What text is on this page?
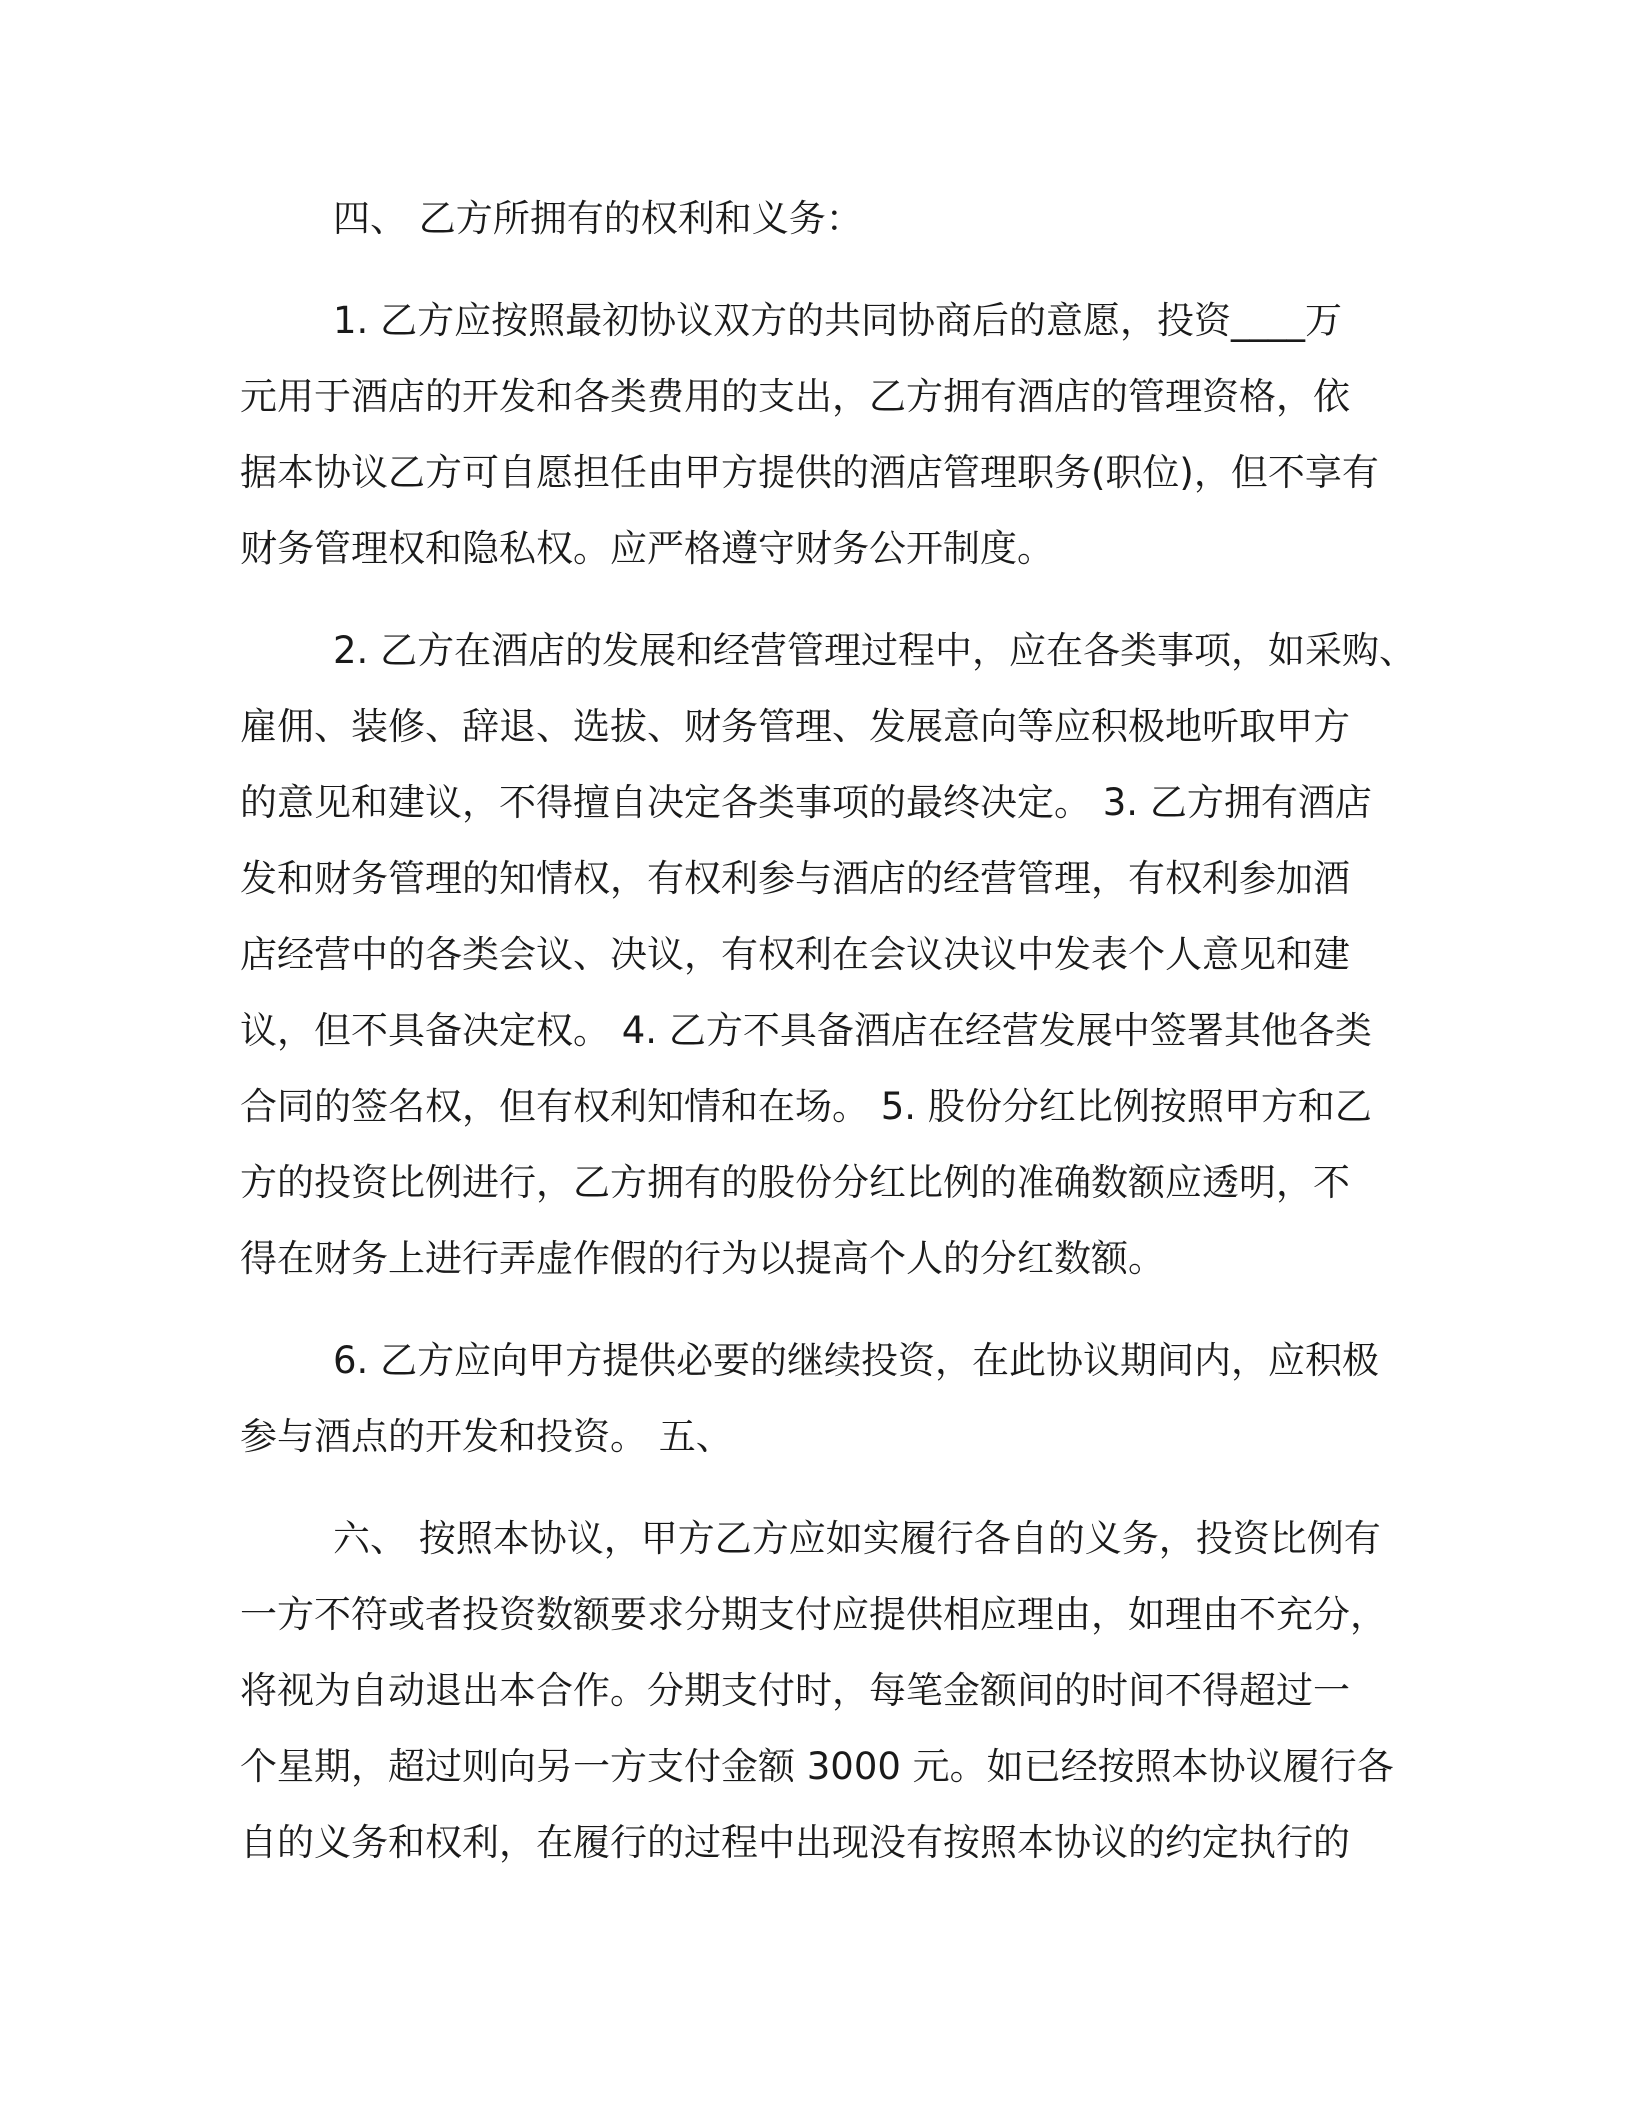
四、 乙方所拥有的权利和义务：
1. 乙方应按照最初协议双方的共同协商后的意愿，投资____万
元用于酒店的开发和各类费用的支出，乙方拥有酒店的管理资格，依
据本协议乙方可自愿担任由甲方提供的酒店管理职务(职位)，但不享有
财务管理权和隐私权。应严格遵守财务公开制度。
2. 乙方在酒店的发展和经营管理过程中，应在各类事项，如采购、
雇佣、装修、辞退、选拔、财务管理、发展意向等应积极地听取甲方
的意见和建议，不得擅自决定各类事项的最终决定。 3. 乙方拥有酒店
发和财务管理的知情权，有权利参与酒店的经营管理，有权利参加酒
店经营中的各类会议、决议，有权利在会议决议中发表个人意见和建
议，但不具备决定权。 4. 乙方不具备酒店在经营发展中签署其他各类
合同的签名权，但有权利知情和在场。 5. 股份分红比例按照甲方和乙
方的投资比例进行，乙方拥有的股份分红比例的准确数额应透明，不
得在财务上进行弄虚作假的行为以提高个人的分红数额。
6. 乙方应向甲方提供必要的继续投资，在此协议期间内，应积极
参与酒点的开发和投资。 五、
六、 按照本协议，甲方乙方应如实履行各自的义务，投资比例有
一方不符或者投资数额要求分期支付应提供相应理由，如理由不充分，
将视为自动退出本合作。分期支付时，每笔金额间的时间不得超过一
个星期，超过则向另一方支付金额 3000 元。如已经按照本协议履行各
自的义务和权利，在履行的过程中出现没有按照本协议的约定执行的
